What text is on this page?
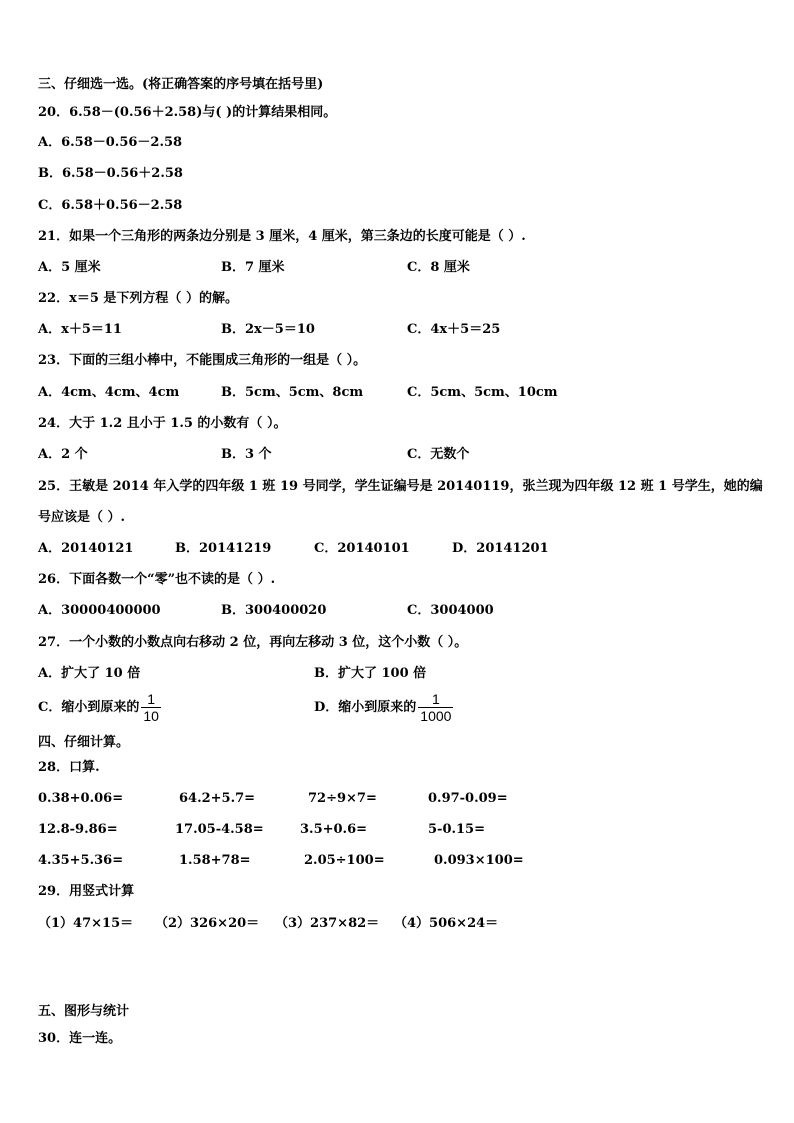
三、仔细选一选。(将正确答案的序号填在括号里)
20．6.58－(0.56＋2.58)与( )的计算结果相同。
A．6.58－0.56－2.58
B．6.58－0.56＋2.58
C．6.58＋0.56－2.58
21．如果一个三角形的两条边分别是 3 厘米，4 厘米，第三条边的长度可能是（ ）.
A．5 厘米	B．7 厘米	C．8 厘米
22．x＝5 是下列方程（ ）的解。
A．x＋5＝11	B．2x－5＝10	C．4x＋5＝25
23．下面的三组小棒中，不能围成三角形的一组是（ ）。
A．4cm、4cm、4cm	B．5cm、5cm、8cm	C．5cm、5cm、10cm
24．大于 1.2 且小于 1.5 的小数有（ ）。
A．2 个	B．3 个	C．无数个
25．王敏是 2014 年入学的四年级 1 班 19 号同学，学生证编号是 20140119，张兰现为四年级 12 班 1 号学生，她的编
号应该是（ ）.
A．20140121	B．20141219	C．20140101	D．20141201
26．下面各数一个“零”也不读的是（ ）.
A．30000400000	B．300400020	C．3004000
27．一个小数的小数点向右移动 2 位，再向左移动 3 位，这个小数（ ）。
A．扩大了 10 倍	B．扩大了 100 倍
C．缩小到原来的 $\frac{1}{10}$	D．缩小到原来的 $\frac{1}{1000}$
四、仔细计算。
28．口算.
0.38+0.06=	64.2+5.7=	72÷9×7=	0.97-0.09=
12.8-9.86=	17.05-4.58=	3.5+0.6=	5-0.15=
4.35+5.36=	1.58+78=	2.05÷100=	0.093×100=
29．用竖式计算
（1）47×15＝ （2）326×20＝ （3）237×82＝ （4）506×24＝
五、图形与统计
30．连一连。
